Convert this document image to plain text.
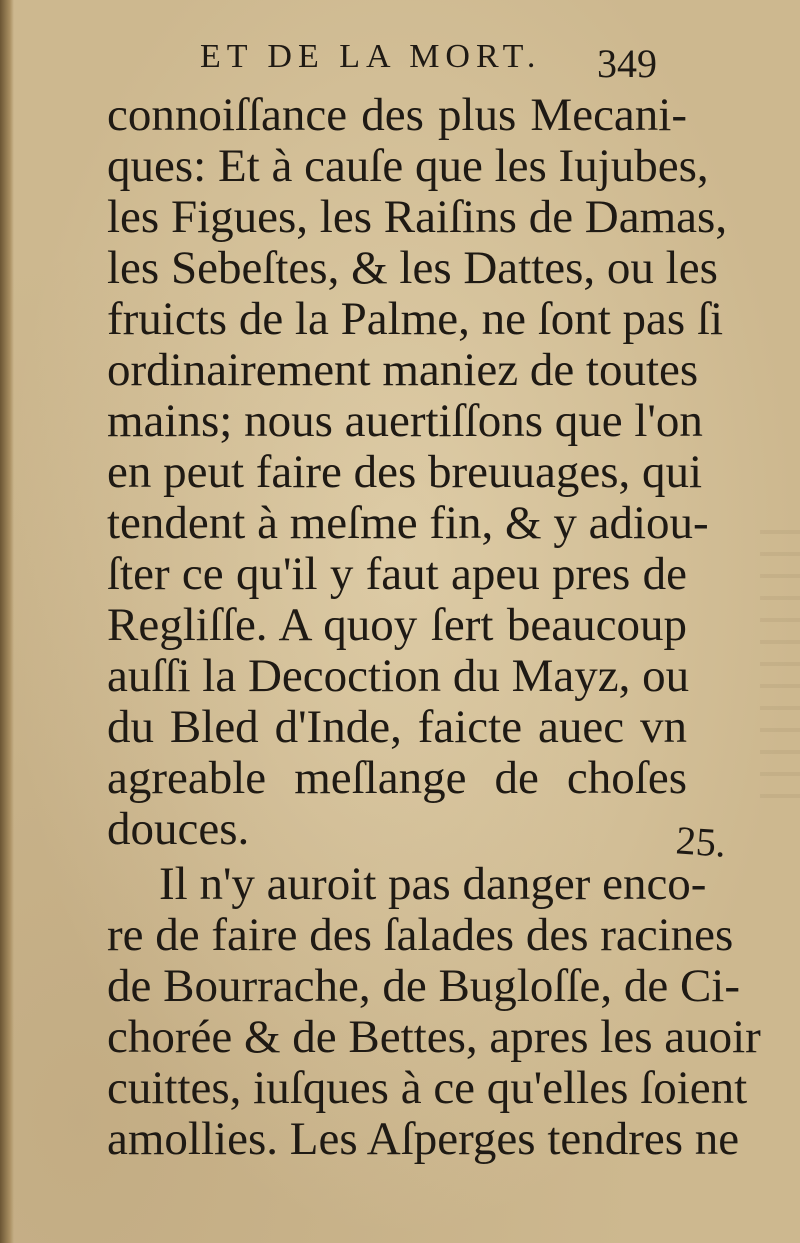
ET DE LA MORT. 349
connoiſſance des plus Mecani-
ques: Et à cauſe que les Iujubes,
les Figues, les Raiſins de Damas,
les Sebeſtes, & les Dattes, ou les
fruicts de la Palme, ne ſont pas ſi
ordinairement maniez de toutes
mains; nous auertiſſons que l'on
en peut faire des breuuages, qui
tendent à meſme fin, & y adiou-
ſter ce qu'il y faut apeu pres de
Regliſſe. A quoy ſert beaucoup
auſſi la Decoction du Mayz, ou
du Bled d'Inde, faicte auec vn
agreable meſlange de choſes
douces.
Il n'y auroit pas danger enco-
re de faire des ſalades des racines
de Bourrache, de Bugloſſe, de Ci-
chorée & de Bettes, apres les auoir
cuittes, iuſques à ce qu'elles ſoient
amollies. Les Aſperges tendres ne
25.
